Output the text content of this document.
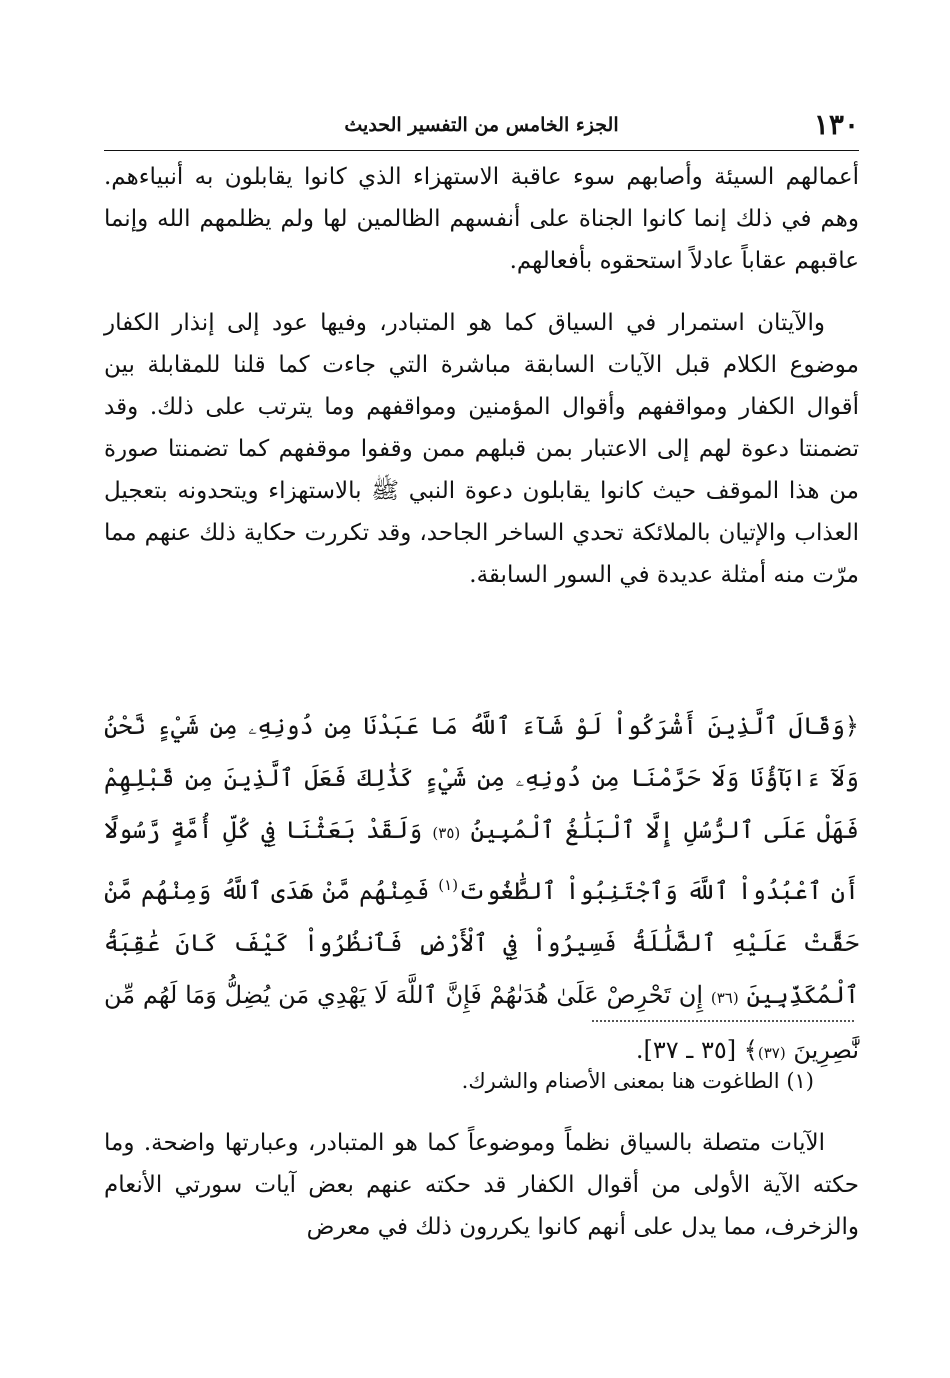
١٣٠
الجزء الخامس من التفسير الحديث

أعمالهم السيئة وأصابهم سوء عاقبة الاستهزاء الذي كانوا يقابلون به أنبياءهم. وهم في ذلك إنما كانوا الجناة على أنفسهم الظالمين لها ولم يظلمهم الله وإنما عاقبهم عقاباً عادلاً استحقوه بأفعالهم.

والآيتان استمرار في السياق كما هو المتبادر، وفيها عود إلى إنذار الكفار موضوع الكلام قبل الآيات السابقة مباشرة التي جاءت كما قلنا للمقابلة بين أقوال الكفار ومواقفهم وأقوال المؤمنين ومواقفهم وما يترتب على ذلك. وقد تضمنتا دعوة لهم إلى الاعتبار بمن قبلهم ممن وقفوا موقفهم كما تضمنتا صورة من هذا الموقف حيث كانوا يقابلون دعوة النبي ﷺ بالاستهزاء ويتحدونه بتعجيل العذاب والإتيان بالملائكة تحدي الساخر الجاحد، وقد تكررت حكاية ذلك عنهم مما مرّت منه أمثلة عديدة في السور السابقة.

﴿وَقَالَ ٱلَّذِينَ أَشْرَكُواْ لَوْ شَآءَ ٱللَّهُ مَا عَبَدْنَا مِن دُونِهِۦ مِن شَيْءٍ نَّحْنُ وَلَآ ءَابَآؤُنَا وَلَا حَرَّمْنَا مِن دُونِهِۦ مِن شَيْءٍ كَذَٰلِكَ فَعَلَ ٱلَّذِينَ مِن قَبْلِهِمْ فَهَلْ عَلَى ٱلرُّسُلِ إِلَّا ٱلْبَلَٰغُ ٱلْمُبِينُ (٣٥) وَلَقَدْ بَعَثْنَا فِي كُلِّ أُمَّةٍ رَّسُولًا أَنِ ٱعْبُدُواْ ٱللَّهَ وَٱجْتَنِبُواْ ٱلطَّٰغُوتَ$^{(١)}$ فَمِنْهُم مَّنْ هَدَى ٱللَّهُ وَمِنْهُم مَّنْ حَقَّتْ عَلَيْهِ ٱلضَّلَٰلَةُ فَسِيرُواْ فِي ٱلْأَرْضِ فَٱنظُرُواْ كَيْفَ كَانَ عَٰقِبَةُ ٱلْمُكَذِّبِينَ (٣٦) إِن تَحْرِصْ عَلَىٰ هُدَىٰهُمْ فَإِنَّ ٱللَّهَ لَا يَهْدِي مَن يُضِلُّ وَمَا لَهُم مِّن نَّٰصِرِينَ (٣٧)﴾ [٣٥ ـ ٣٧].
(١) الطاغوت هنا بمعنى الأصنام والشرك.

الآيات متصلة بالسياق نظماً وموضوعاً كما هو المتبادر، وعبارتها واضحة. وما حكته الآية الأولى من أقوال الكفار قد حكته عنهم بعض آيات سورتي الأنعام والزخرف، مما يدل على أنهم كانوا يكررون ذلك في معرض
